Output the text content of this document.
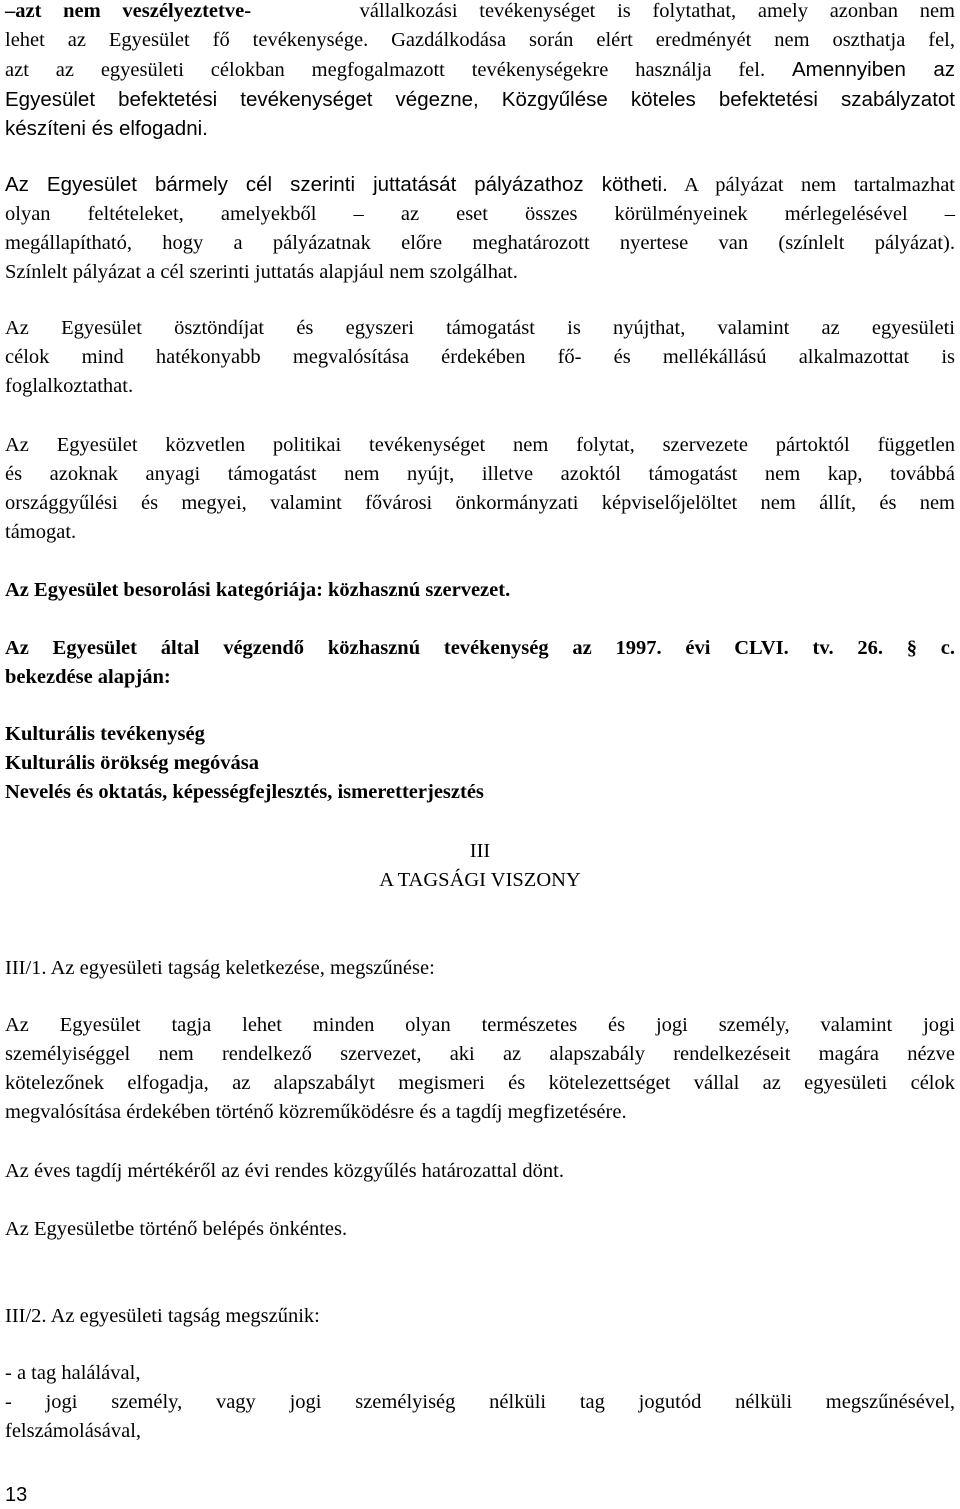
–azt nem veszélyeztetve-	vállalkozási tevékenységet is folytathat, amely azonban nem
lehet az Egyesület fő tevékenysége. Gazdálkodása során elért eredményét nem oszthatja fel,
azt az egyesületi célokban megfogalmazott tevékenységekre használja fel. Amennyiben az
Egyesület befektetési tevékenységet végezne, Közgyűlése köteles befektetési szabályzatot
készíteni és elfogadni.
Az Egyesület bármely cél szerinti juttatását pályázathoz kötheti. A pályázat nem tartalmazhat
olyan feltételeket, amelyekből – az eset összes körülményeinek mérlegelésével –
megállapítható, hogy a pályázatnak előre meghatározott nyertese van (színlelt pályázat).
Színlelt pályázat a cél szerinti juttatás alapjául nem szolgálhat.
Az Egyesület ösztöndíjat és egyszeri támogatást is nyújthat, valamint az egyesületi
célok mind hatékonyabb megvalósítása érdekében fő- és mellékállású alkalmazottat is
foglalkoztathat.
Az Egyesület közvetlen politikai tevékenységet nem folytat, szervezete pártoktól független
és azoknak anyagi támogatást nem nyújt, illetve azoktól támogatást nem kap, továbbá
országgyűlési és megyei, valamint fővárosi önkormányzati képviselőjelöltet nem állít, és nem
támogat.
Az Egyesület besorolási kategóriája: közhasznú szervezet.
Az Egyesület által végzendő közhasznú tevékenység az 1997. évi CLVI. tv. 26. § c.
bekezdése alapján:
Kulturális tevékenység
Kulturális örökség megóvása
Nevelés és oktatás, képességfejlesztés, ismeretterjesztés
III
A TAGSÁGI VISZONY
III/1. Az egyesületi tagság keletkezése, megszűnése:
Az Egyesület tagja lehet minden olyan természetes és jogi személy, valamint jogi
személyiséggel nem rendelkező szervezet, aki az alapszabály rendelkezéseit magára nézve
kötelezőnek elfogadja, az alapszabályt megismeri és kötelezettséget vállal az egyesületi célok
megvalósítása érdekében történő közreműködésre és a tagdíj megfizetésére.
Az éves tagdíj mértékéről az évi rendes közgyűlés határozattal dönt.
Az Egyesületbe történő belépés önkéntes.
III/2. Az egyesületi tagság megszűnik:
- a tag halálával,
- jogi személy, vagy jogi személyiség nélküli tag jogutód nélküli megszűnésével,
felszámolásával,
13
